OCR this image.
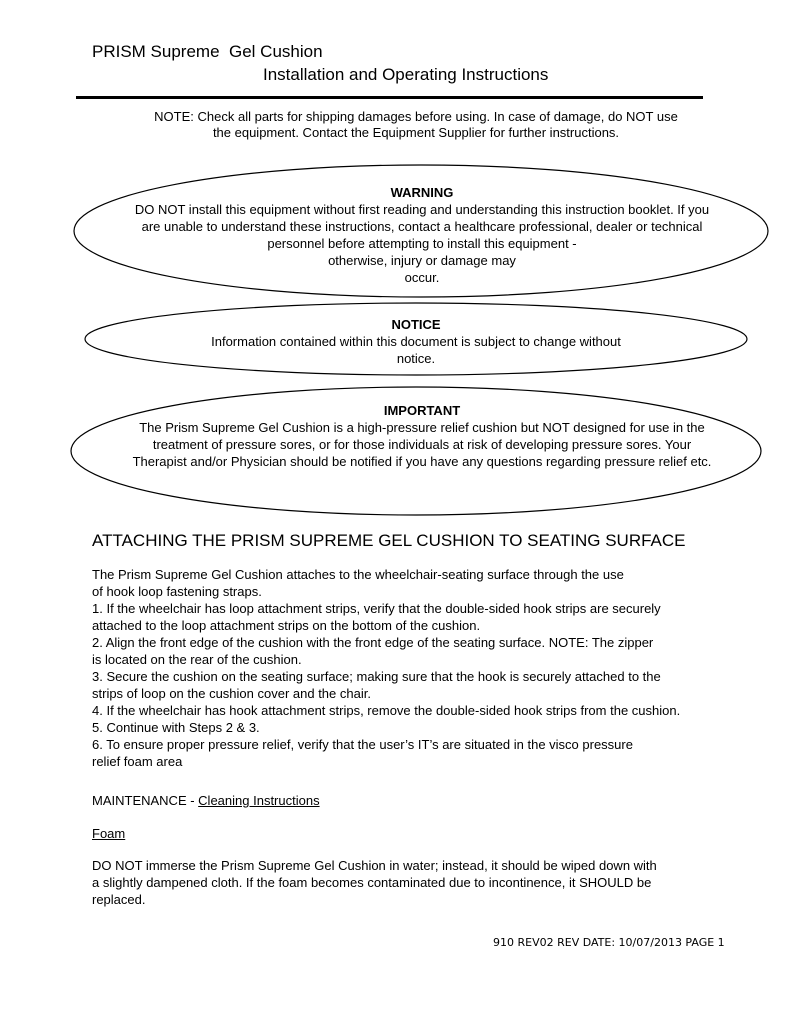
PRISM Supreme  Gel Cushion
Installation and Operating Instructions
NOTE: Check all parts for shipping damages before using. In case of damage, do NOT use
the equipment. Contact the Equipment Supplier for further instructions.
WARNING
DO NOT install this equipment without first reading and understanding this instruction booklet. If you
are unable to understand these instructions, contact a healthcare professional, dealer or technical
personnel before attempting to install this equipment -
otherwise, injury or damage may
occur.
NOTICE
Information contained within this document is subject to change without
notice.
IMPORTANT
The Prism Supreme Gel Cushion is a high-pressure relief cushion but NOT designed for use in the
treatment of pressure sores, or for those individuals at risk of developing pressure sores. Your
Therapist and/or Physician should be notified if you have any questions regarding pressure relief etc.
ATTACHING THE PRISM SUPREME GEL CUSHION TO SEATING SURFACE
The Prism Supreme Gel Cushion attaches to the wheelchair-seating surface through the use
of hook loop fastening straps.
1. If the wheelchair has loop attachment strips, verify that the double-sided hook strips are securely
attached to the loop attachment strips on the bottom of the cushion.
2. Align the front edge of the cushion with the front edge of the seating surface. NOTE: The zipper
is located on the rear of the cushion.
3. Secure the cushion on the seating surface; making sure that the hook is securely attached to the
strips of loop on the cushion cover and the chair.
4. If the wheelchair has hook attachment strips, remove the double-sided hook strips from the cushion.
5. Continue with Steps 2 & 3.
6. To ensure proper pressure relief, verify that the user’s IT’s are situated in the visco pressure
relief foam area
MAINTENANCE - Cleaning Instructions
Foam
DO NOT immerse the Prism Supreme Gel Cushion in water; instead, it should be wiped down with
a slightly dampened cloth. If the foam becomes contaminated due to incontinence, it SHOULD be
replaced.
910 REV02 REV DATE: 10/07/2013 PAGE 1
